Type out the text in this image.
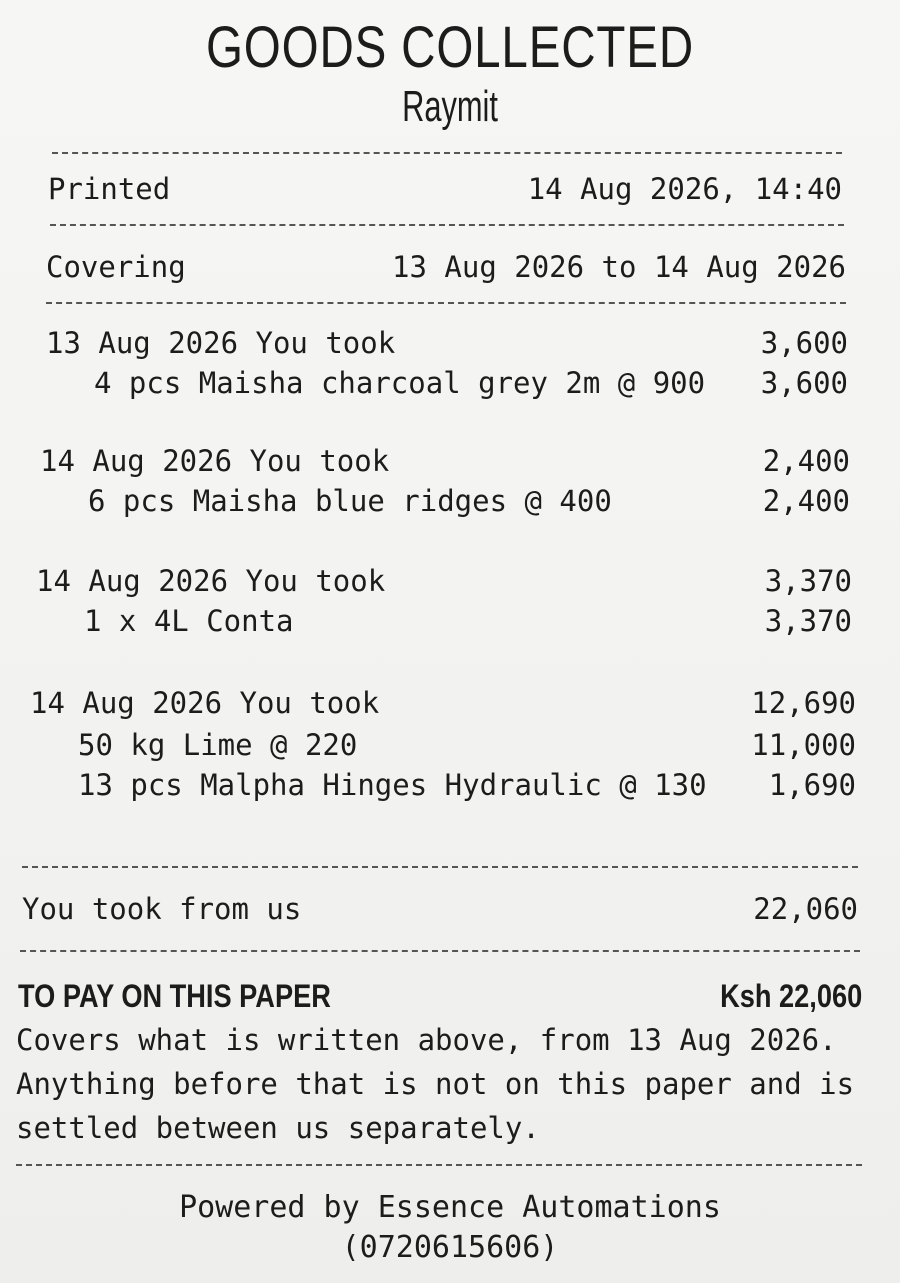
GOODS COLLECTED
Raymit
Printed	14 Aug 2026, 14:40
Covering	13 Aug 2026 to 14 Aug 2026
13 Aug 2026 You took	3,600
4 pcs Maisha charcoal grey 2m @ 900 3,600
14 Aug 2026 You took	2,400
6 pcs Maisha blue ridges @ 400	2,400
14 Aug 2026 You took	3,370
1 x 4L Conta	3,370
14 Aug 2026 You took	12,690
50 kg Lime @ 220	11,000
13 pcs Malpha Hinges Hydraulic @ 130 1,690
You took from us	22,060
TO PAY ON THIS PAPER	Ksh 22,060
Covers what is written above, from 13 Aug 2026.
Anything before that is not on this paper and is
settled between us separately.
Powered by Essence Automations
(0720615606)
